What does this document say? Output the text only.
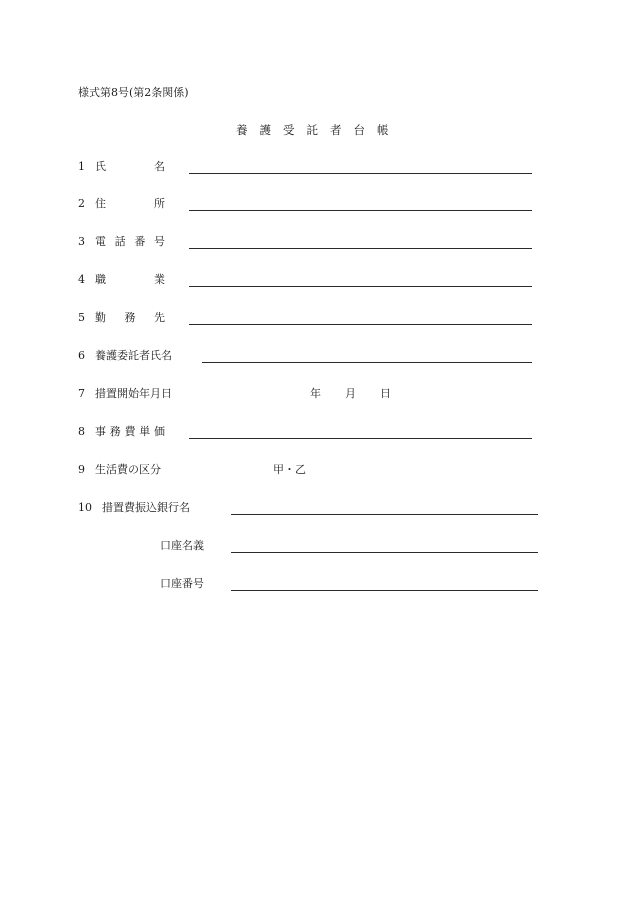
様式第8号(第2条関係)
養護受託者台帳
1 氏	名
2 住	所
3 電 話 番 号
4 職	業
5 勤 務 先
6 養護委託者氏名
7 措置開始年月日	年 月 日
8 事 務 費 単 価
9 生活費の区分	甲・乙
10 措置費振込銀行名
口座名義
口座番号
